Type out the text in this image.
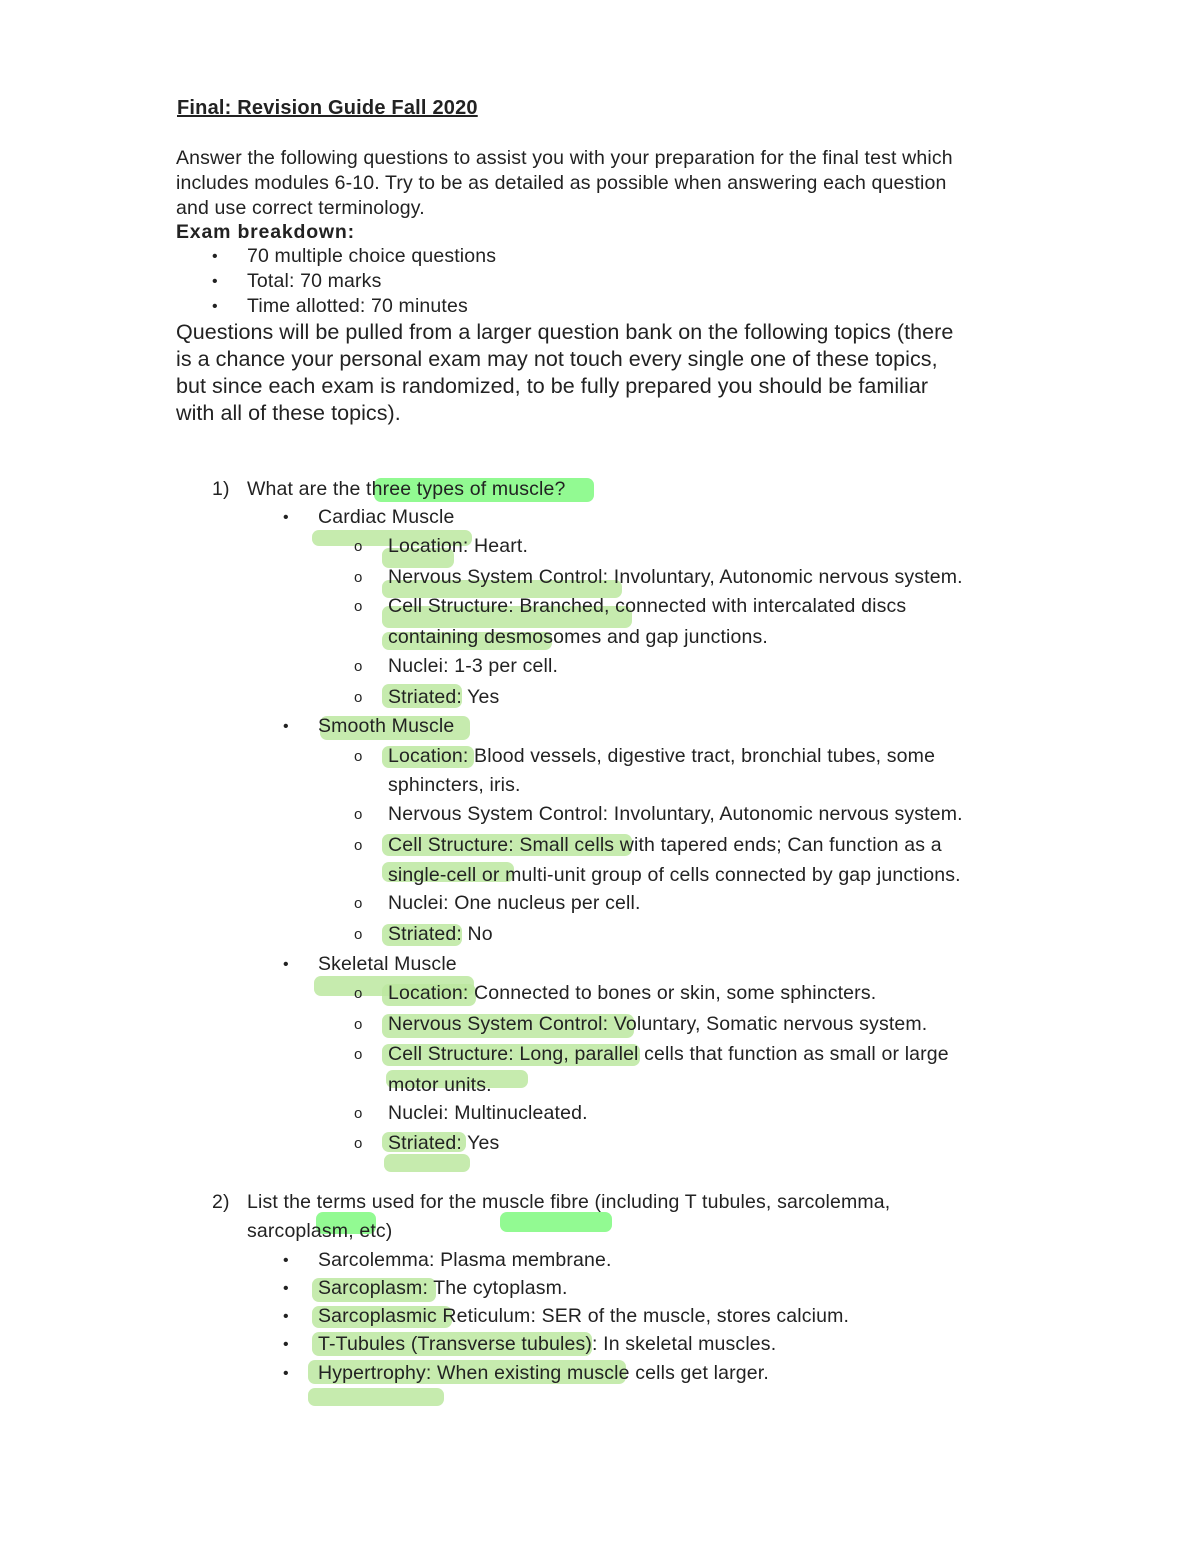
Final: Revision Guide Fall 2020
Answer the following questions to assist you with your preparation for the final test which
includes modules 6-10. Try to be as detailed as possible when answering each question
and use correct terminology.
Exam breakdown:
• 70 multiple choice questions
• Total: 70 marks
• Time allotted: 70 minutes
Questions will be pulled from a larger question bank on the following topics (there
is a chance your personal exam may not touch every single one of these topics,
but since each exam is randomized, to be fully prepared you should be familiar
with all of these topics).
1) What are the three types of muscle?
• Cardiac Muscle
o Location: Heart.
o Nervous System Control: Involuntary, Autonomic nervous system.
o Cell Structure: Branched, connected with intercalated discs
containing desmosomes and gap junctions.
o Nuclei: 1-3 per cell.
o Striated: Yes
• Smooth Muscle
o Location: Blood vessels, digestive tract, bronchial tubes, some
sphincters, iris.
o Nervous System Control: Involuntary, Autonomic nervous system.
o Cell Structure: Small cells with tapered ends; Can function as a
single-cell or multi-unit group of cells connected by gap junctions.
o Nuclei: One nucleus per cell.
o Striated: No
• Skeletal Muscle
o Location: Connected to bones or skin, some sphincters.
o Nervous System Control: Voluntary, Somatic nervous system.
o Cell Structure: Long, parallel cells that function as small or large
motor units.
o Nuclei: Multinucleated.
o Striated: Yes
2) List the terms used for the muscle fibre (including T tubules, sarcolemma,
sarcoplasm, etc)
• Sarcolemma: Plasma membrane.
• Sarcoplasm: The cytoplasm.
• Sarcoplasmic Reticulum: SER of the muscle, stores calcium.
• T-Tubules (Transverse tubules): In skeletal muscles.
• Hypertrophy: When existing muscle cells get larger.
